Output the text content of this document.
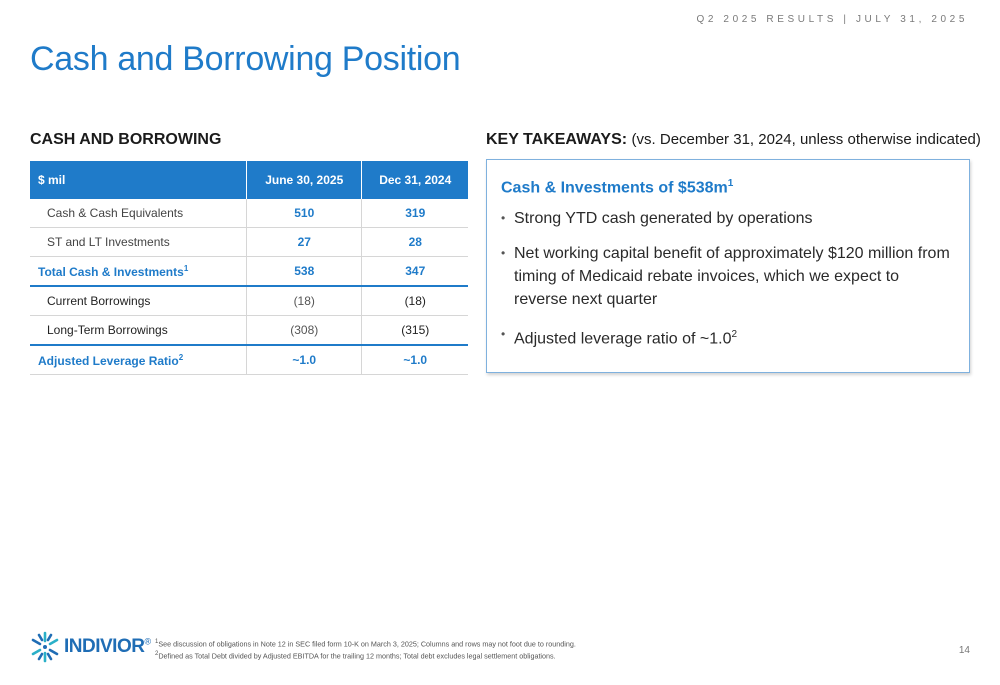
Q2 2025 RESULTS | JULY 31, 2025
Cash and Borrowing Position
CASH AND BORROWING
$ mil	June 30, 2025	Dec 31, 2024
Cash & Cash Equivalents	510	319
ST and LT Investments	27	28
Total Cash & Investments$^1$	538	347
Current Borrowings	(18)	(18)
Long-Term Borrowings	(308)	(315)
Adjusted Leverage Ratio$^2$	~1.0	~1.0
KEY TAKEAWAYS: (vs. December 31, 2024, unless otherwise indicated)
Cash & Investments of $\$538m^1$
• Strong YTD cash generated by operations
• Net working capital benefit of approximately $120 million from timing of Medicaid rebate invoices, which we expect to reverse next quarter
• Adjusted leverage ratio of $\sim 1.0^2$
INDIVIOR® $^1$See discussion of obligations in Note 12 in SEC filed form 10-K on March 3, 2025; Columns and rows may not foot due to rounding.
$^2$Defined as Total Debt divided by Adjusted EBITDA for the trailing 12 months; Total debt excludes legal settlement obligations.
14
